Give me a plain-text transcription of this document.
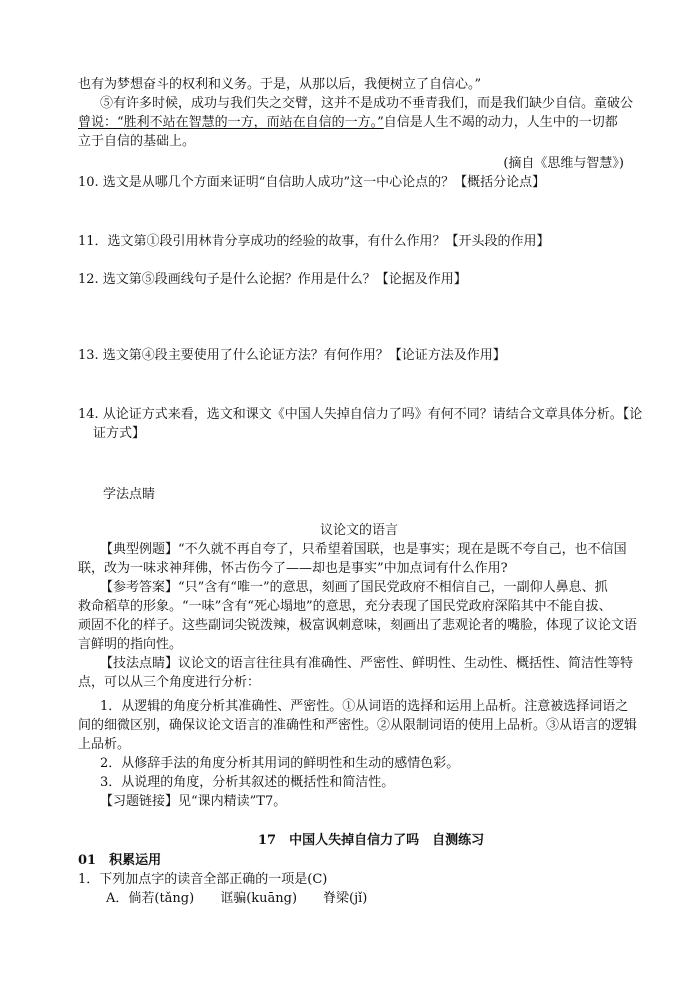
也有为梦想奋斗的权利和义务。于是，从那以后，我便树立了自信心。”
⑤有许多时候，成功与我们失之交臂，这并不是成功不垂青我们，而是我们缺少自信。童破公
曾说：“胜利不站在智慧的一方，而站在自信的一方。”自信是人生不竭的动力，人生中的一切都
立于自信的基础上。
(摘自《思维与智慧》)
10. 选文是从哪几个方面来证明“自信助人成功”这一中心论点的？【概括分论点】
11．选文第①段引用林肯分享成功的经验的故事，有什么作用？【开头段的作用】
12. 选文第⑤段画线句子是什么论据？作用是什么？【论据及作用】
13. 选文第④段主要使用了什么论证方法？有何作用？【论证方法及作用】
14. 从论证方式来看，选文和课文《中国人失掉自信力了吗》有何不同？请结合文章具体分析。【论
证方式】
学法点睛
议论文的语言
【典型例题】“不久就不再自夸了，只希望着国联，也是事实；现在是既不夸自己，也不信国
联，改为一味求神拜佛，怀古伤今了——却也是事实”中加点词有什么作用?
【参考答案】“只”含有“唯一”的意思，刻画了国民党政府不相信自己，一副仰人鼻息、抓
救命稻草的形象。“一味”含有“死心塌地”的意思，充分表现了国民党政府深陷其中不能自拔、
顽固不化的样子。这些副词尖锐泼辣，极富讽刺意味，刻画出了悲观论者的嘴脸，体现了议论文语
言鲜明的指向性。
【技法点睛】议论文的语言往往具有准确性、严密性、鲜明性、生动性、概括性、简洁性等特
点，可以从三个角度进行分析：
1．从逻辑的角度分析其准确性、严密性。①从词语的选择和运用上品析。注意被选择词语之
间的细微区别，确保议论文语言的准确性和严密性。②从限制词语的使用上品析。③从语言的逻辑
上品析。
2．从修辞手法的角度分析其用词的鲜明性和生动的感情色彩。
3．从说理的角度，分析其叙述的概括性和简洁性。
【习题链接】见“课内精读”T7。
17　中国人失掉自信力了吗　自测练习
01　积累运用
1．下列加点字的读音全部正确的一项是(C)
A．倘若(tǎng)　　诓骗(kuāng)　　脊梁(jǐ)
